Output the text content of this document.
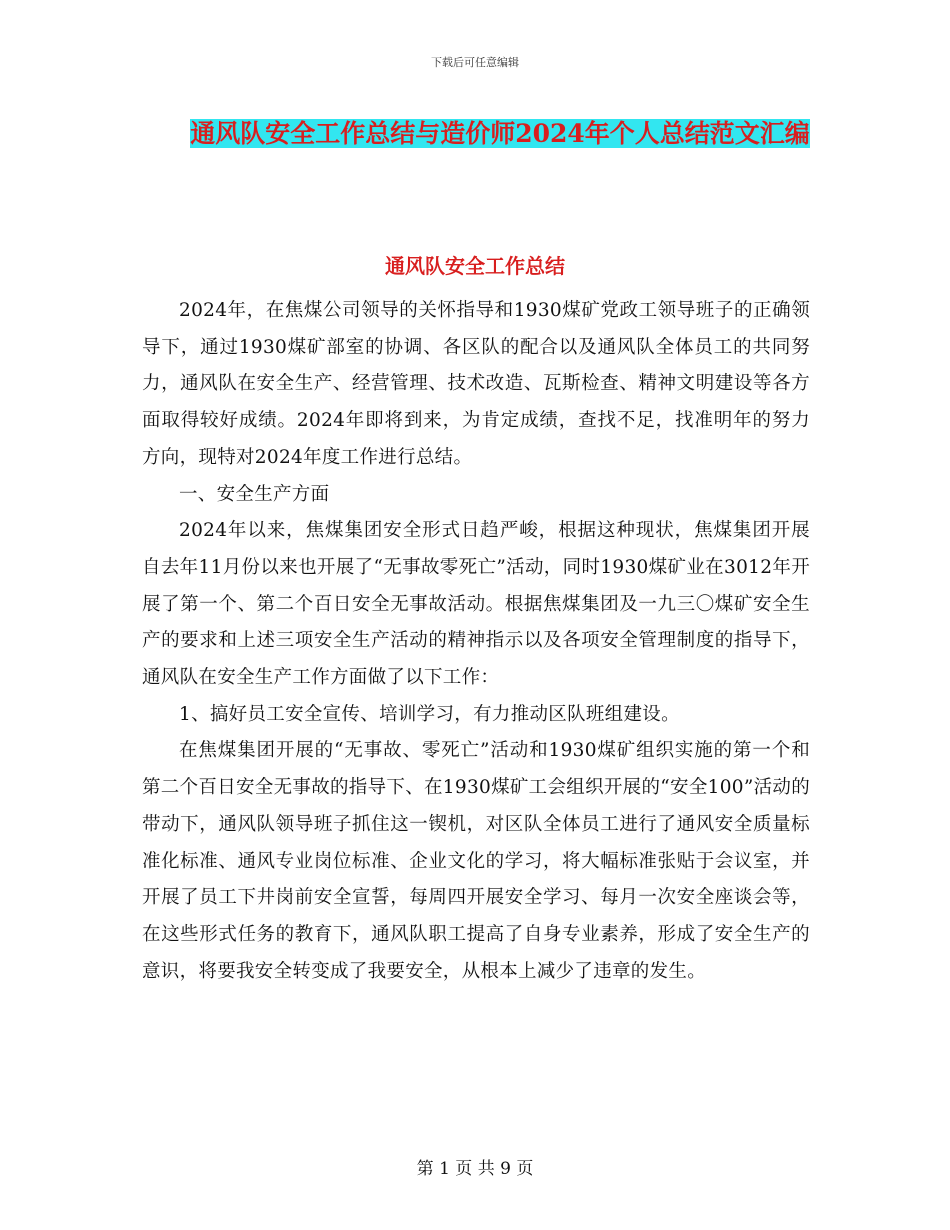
下载后可任意编辑
通风队安全工作总结与造价师2024年个人总结范文汇编
通风队安全工作总结

2024年，在焦煤公司领导的关怀指导和1930煤矿党政工领导班子的正确领导下，通过1930煤矿部室的协调、各区队的配合以及通风队全体员工的共同努力，通风队在安全生产、经营管理、技术改造、瓦斯检查、精神文明建设等各方面取得较好成绩。2024年即将到来，为肯定成绩，查找不足，找准明年的努力方向，现特对2024年度工作进行总结。

一、安全生产方面

2024年以来，焦煤集团安全形式日趋严峻，根据这种现状，焦煤集团开展自去年11月份以来也开展了“无事故零死亡”活动，同时1930煤矿业在3012年开展了第一个、第二个百日安全无事故活动。根据焦煤集团及一九三〇煤矿安全生产的要求和上述三项安全生产活动的精神指示以及各项安全管理制度的指导下，通风队在安全生产工作方面做了以下工作：

1、搞好员工安全宣传、培训学习，有力推动区队班组建设。

在焦煤集团开展的“无事故、零死亡”活动和1930煤矿组织实施的第一个和第二个百日安全无事故的指导下、在1930煤矿工会组织开展的“安全100”活动的带动下，通风队领导班子抓住这一锲机，对区队全体员工进行了通风安全质量标准化标准、通风专业岗位标准、企业文化的学习，将大幅标准张贴于会议室，并开展了员工下井岗前安全宣誓，每周四开展安全学习、每月一次安全座谈会等，在这些形式任务的教育下，通风队职工提高了自身专业素养，形成了安全生产的意识，将要我安全转变成了我要安全，从根本上减少了违章的发生。

第 1 页 共 9 页
